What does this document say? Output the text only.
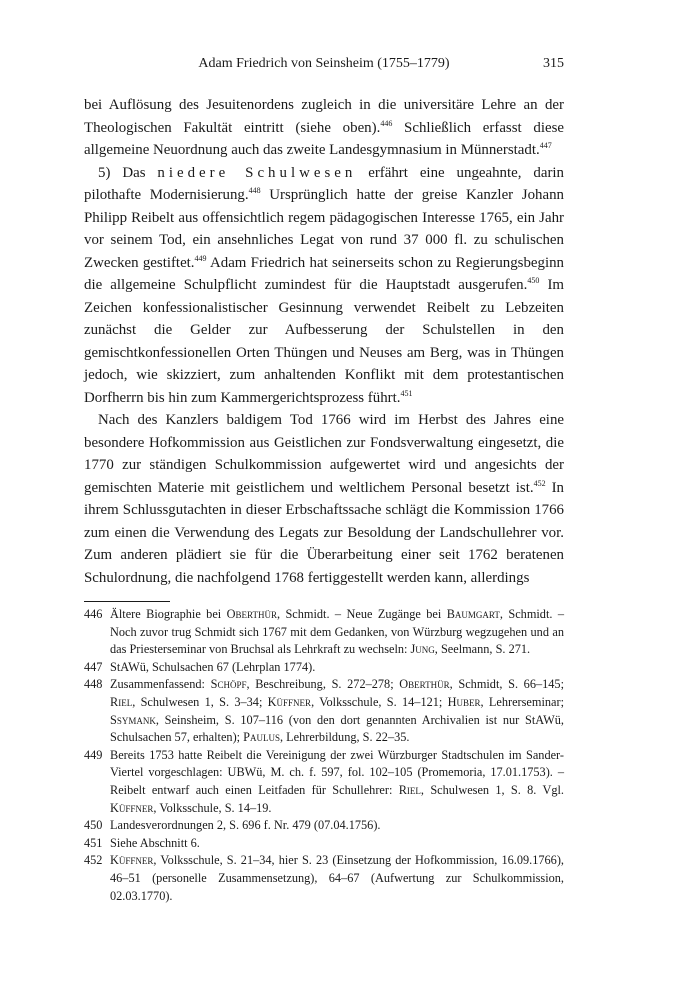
Adam Friedrich von Seinsheim (1755–1779)	315

bei Auflösung des Jesuitenordens zugleich in die universitäre Lehre an der Theologischen Fakultät eintritt (siehe oben).$^{446}$ Schließlich erfasst diese allgemeine Neuordnung auch das zweite Landesgymnasium in Münnerstadt.$^{447}$

5) Das niedere Schulwesen erfährt eine ungeahnte, darin pilothafte Modernisierung.$^{448}$ Ursprünglich hatte der greise Kanzler Johann Philipp Reibelt aus offensichtlich regem pädagogischen Interesse 1765, ein Jahr vor seinem Tod, ein ansehnliches Legat von rund 37 000 fl. zu schulischen Zwecken gestiftet.$^{449}$ Adam Friedrich hat seinerseits schon zu Regierungsbeginn die allgemeine Schulpflicht zumindest für die Hauptstadt ausgerufen.$^{450}$ Im Zeichen konfessionalistischer Gesinnung verwendet Reibelt zu Lebzeiten zunächst die Gelder zur Aufbesserung der Schulstellen in den gemischtkonfessionellen Orten Thüngen und Neuses am Berg, was in Thüngen jedoch, wie skizziert, zum anhaltenden Konflikt mit dem protestantischen Dorfherrn bis hin zum Kammergerichtsprozess führt.$^{451}$

Nach des Kanzlers baldigem Tod 1766 wird im Herbst des Jahres eine besondere Hofkommission aus Geistlichen zur Fondsverwaltung eingesetzt, die 1770 zur ständigen Schulkommission aufgewertet wird und angesichts der gemischten Materie mit geistlichem und weltlichem Personal besetzt ist.$^{452}$ In ihrem Schlussgutachten in dieser Erbschaftssache schlägt die Kommission 1766 zum einen die Verwendung des Legats zur Besoldung der Landschullehrer vor. Zum anderen plädiert sie für die Überarbeitung einer seit 1762 beratenen Schulordnung, die nachfolgend 1768 fertiggestellt werden kann, allerdings

446 Ältere Biographie bei Oberthür, Schmidt. – Neue Zugänge bei Baumgart, Schmidt. – Noch zuvor trug Schmidt sich 1767 mit dem Gedanken, von Würzburg wegzugehen und an das Priesterseminar von Bruchsal als Lehrkraft zu wechseln: Jung, Seelmann, S. 271.
447 StAWü, Schulsachen 67 (Lehrplan 1774).
448 Zusammenfassend: Schöpf, Beschreibung, S. 272–278; Oberthür, Schmidt, S. 66–145; Riel, Schulwesen 1, S. 3–34; Küffner, Volksschule, S. 14–121; Huber, Lehrerseminar; Ssymank, Seinsheim, S. 107–116 (von den dort genannten Archivalien ist nur StAWü, Schulsachen 57, erhalten); Paulus, Lehrerbildung, S. 22–35.
449 Bereits 1753 hatte Reibelt die Vereinigung der zwei Würzburger Stadtschulen im Sander-Viertel vorgeschlagen: UBWü, M. ch. f. 597, fol. 102–105 (Promemoria, 17.01.1753). – Reibelt entwarf auch einen Leitfaden für Schullehrer: Riel, Schulwesen 1, S. 8. Vgl. Küffner, Volksschule, S. 14–19.
450 Landesverordnungen 2, S. 696 f. Nr. 479 (07.04.1756).
451 Siehe Abschnitt 6.
452 Küffner, Volksschule, S. 21–34, hier S. 23 (Einsetzung der Hofkommission, 16.09.1766), 46–51 (personelle Zusammensetzung), 64–67 (Aufwertung zur Schulkommission, 02.03.1770).
